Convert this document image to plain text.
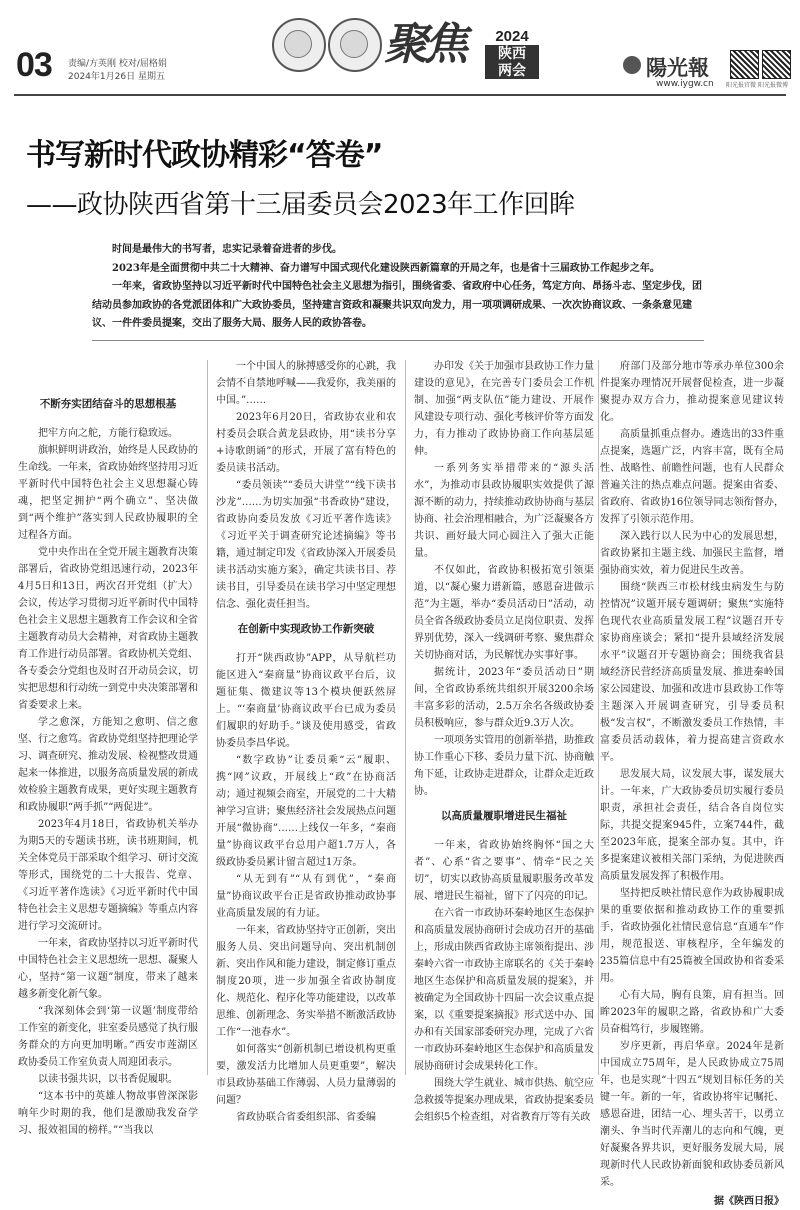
03 责编/方英刚 校对/屈格娟
2024年1月26日 星期五
聚焦	2024
陕西
两会	陽光報
www.iygw.cn 阳光报官微 阳光报微博
书写新时代政协精彩“答卷”
——政协陕西省第十三届委员会2023年工作回眸

时间是最伟大的书写者，忠实记录着奋进者的步伐。

2023年是全面贯彻中共二十大精神、奋力谱写中国式现代化建设陕西新篇章的开局之年，也是省十三届政协工作起步之年。

一年来，省政协坚持以习近平新时代中国特色社会主义思想为指引，围绕省委、省政府中心任务，笃定方向、昂扬斗志、坚定步伐，团结动员参加政协的各党派团体和广大政协委员，坚持建言资政和凝聚共识双向发力，用一项项调研成果、一次次协商议政、一条条意见建议、一件件委员提案，交出了服务大局、服务人民的政协答卷。

不断夯实团结奋斗的思想根基

把牢方向之舵，方能行稳致远。

旗帜鲜明讲政治，始终是人民政协的生命线。一年来，省政协始终坚持用习近平新时代中国特色社会主义思想凝心铸魂，把坚定拥护“两个确立”、坚决做到“两个维护”落实到人民政协履职的全过程各方面。

党中央作出在全党开展主题教育决策部署后，省政协党组迅速行动，2023年4月5日和13日，两次召开党组（扩大）会议，传达学习贯彻习近平新时代中国特色社会主义思想主题教育工作会议和全省主题教育动员大会精神，对省政协主题教育工作进行动员部署。省政协机关党组、各专委会分党组也及时召开动员会议，切实把思想和行动统一到党中央决策部署和省委要求上来。

学之愈深，方能知之愈明、信之愈坚、行之愈笃。省政协党组坚持把理论学习、调查研究、推动发展、检视整改贯通起来一体推进，以服务高质量发展的新成效检验主题教育成果，更好实现主题教育和政协履职“两手抓”“两促进”。

2023年4月18日，省政协机关举办为期5天的专题读书班，读书班期间，机关全体党员干部采取个组学习、研讨交流等形式，围绕党的二十大报告、党章、《习近平著作选读》《习近平新时代中国特色社会主义思想专题摘编》等重点内容进行学习交流研讨。

一年来，省政协坚持以习近平新时代中国特色社会主义思想统一思想、凝聚人心，坚持“第一议题”制度，带来了越来越多新变化新气象。

“我深刻体会到‘第一议题’制度带给工作室的新变化，驻室委员感觉了执行服务群众的方向更加明晰。”西安市莲湖区政协委员工作室负责人周迎团表示。

以读书强共识，以书香促履职。

“这本书中的英雄人物故事曾深深影响年少时期的我，他们是激励我发奋学习、报效祖国的榜样。”“当我以

一个中国人的脉搏感受你的心跳，我会情不自禁地呼喊——我爱你，我美丽的中国。”……

2023年6月20日，省政协农业和农村委员会联合黄龙县政协，用“读书分享+诗歌朗诵”的形式，开展了富有特色的委员读书活动。

“委员领读”“委员大讲堂”“线下读书沙龙”……为切实加强“书香政协”建设，省政协向委员发放《习近平著作选读》《习近平关于调查研究论述摘编》等书籍，通过制定印发《省政协深入开展委员读书活动实施方案》，确定共读书目、荐读书目，引导委员在读书学习中坚定理想信念、强化责任担当。

在创新中实现政协工作新突破

打开“陕西政协”APP，从导航栏功能区进入“秦商量”协商议政平台后，议题征集、微建议等13个模块便跃然屏上。“‘秦商量’协商议政平台已成为委员们履职的好助手。”谈及使用感受，省政协委员李昌华说。

“数字政协”让委员乘“云”履职、携“网”议政，开展线上“政”在协商活动；通过视频会商室，开展党的二十大精神学习宣讲；聚焦经济社会发展热点问题开展“微协商”……上线仅一年多，“秦商量”协商议政平台总用户超1.7万人，各级政协委员累计留言超过1万条。

“从无到有”“从有到优”，“秦商量”协商议政平台正是省政协推动政协事业高质量发展的有力证。

一年来，省政协坚持守正创新，突出服务人员、突出问题导向、突出机制创新、突出作风和能力建设，制定修订重点制度20项，进一步加强全省政协制度化、规范化、程序化等功能建设，以改革思维、创新理念、务实举措不断激活政协工作“一池春水”。

如何落实“创新机制已增设机构更重要，激发活力比增加人员更重要”，解决市县政协基础工作薄弱、人员力量薄弱的问题？

省政协联合省委组织部、省委编

办印发《关于加强市县政协工作力量建设的意见》，在完善专门委员会工作机制、加强“两支队伍”能力建设、开展作风建设专项行动、强化考核评价等方面发力，有力推动了政协协商工作向基层延伸。

一系列务实举措带来的“源头活水”，为推动市县政协履职实效提供了源源不断的动力，持续推动政协协商与基层协商、社会治理相融合，为广泛凝聚各方共识、画好最大同心圆注入了强大正能量。

不仅如此，省政协积极拓宽引领渠道，以“凝心聚力谱新篇，感恩奋进做示范”为主题，举办“委员活动日”活动，动员全省各级政协委员立足岗位职责、发挥界别优势，深入一线调研考察、聚焦群众关切协商对话，为民解忧办实事好事。

据统计，2023年“委员活动日”期间，全省政协系统共组织开展3200余场丰富多彩的活动，2.5万余名各级政协委员积极响应，参与群众近9.3万人次。

一项项务实管用的创新举措，助推政协工作重心下移、委员力量下沉、协商触角下延，让政协走进群众，让群众走近政协。

以高质量履职增进民生福祉

一年来，省政协始终胸怀“国之大者”、心系“省之要事”、情牵“民之关切”，切实以政协高质量履职服务改革发展、增进民生福祉，留下了闪亮的印记。

在六省一市政协环秦岭地区生态保护和高质量发展协商研讨会成功召开的基础上，形成由陕西省政协主席领衔提出、涉秦岭六省一市政协主席联名的《关于秦岭地区生态保护和高质量发展的提案》，并被确定为全国政协十四届一次会议重点提案，以《重要提案摘报》形式送中办、国办和有关国家部委研究办理，完成了六省一市政协环秦岭地区生态保护和高质量发展协商研讨会成果转化工作。

围绕大学生就业、城市供热、航空应急救援等提案办理成果，省政协提案委员会组织5个检查组，对省教育厅等有关政

府部门及部分地市等承办单位300余件提案办理情况开展督促检查，进一步凝聚提办双方合力，推动提案意见建议转化。

高质量抓重点督办。遴选出的33件重点提案，选题广泛，内容丰富，既有全局性、战略性、前瞻性问题，也有人民群众普遍关注的热点难点问题。提案由省委、省政府、省政协16位领导同志领衔督办，发挥了引领示范作用。

深入践行以人民为中心的发展思想，省政协紧扣主题主线、加强民主监督，增强协商实效，着力促进民生改善。

围绕“陕西三市松材线虫病发生与防控情况”议题开展专题调研；聚焦“实施特色现代农业高质量发展工程”议题召开专家协商座谈会；紧扣“提升县域经济发展水平”议题召开专题协商会；围绕我省县域经济民营经济高质量发展、推进秦岭国家公园建设、加强和改进市县政协工作等主题深入开展调查研究，引导委员积极“发言权”，不断激发委员工作热情，丰富委员活动载体，着力提高建言资政水平。

思发展大局，议发展大事，谋发展大计。一年来，广大政协委员切实履行委员职责，承担社会责任，结合各自岗位实际，共提交提案945件，立案744件，截至2023年底，提案全部办复。其中，许多提案建议被相关部门采纳，为促进陕西高质量发展发挥了积极作用。

坚持把反映社情民意作为政协履职成果的重要依据和推动政协工作的重要抓手，省政协强化社情民意信息“直通车”作用，规范报送、审核程序，全年编发的235篇信息中有25篇被全国政协和省委采用。

心有大局，胸有良策，肩有担当。回眸2023年的履职之路，省政协和广大委员奋楫笃行，步履铿锵。

岁序更新，再启华章。2024年是新中国成立75周年，是人民政协成立75周年，也是实现“十四五”规划目标任务的关键一年。新的一年，省政协将牢记嘱托、感恩奋进，团结一心、埋头苦干，以勇立潮头、争当时代弄潮儿的志向和气魄，更好凝聚各界共识，更好服务发展大局，展现新时代人民政协新面貌和政协委员新风采。

据《陕西日报》
